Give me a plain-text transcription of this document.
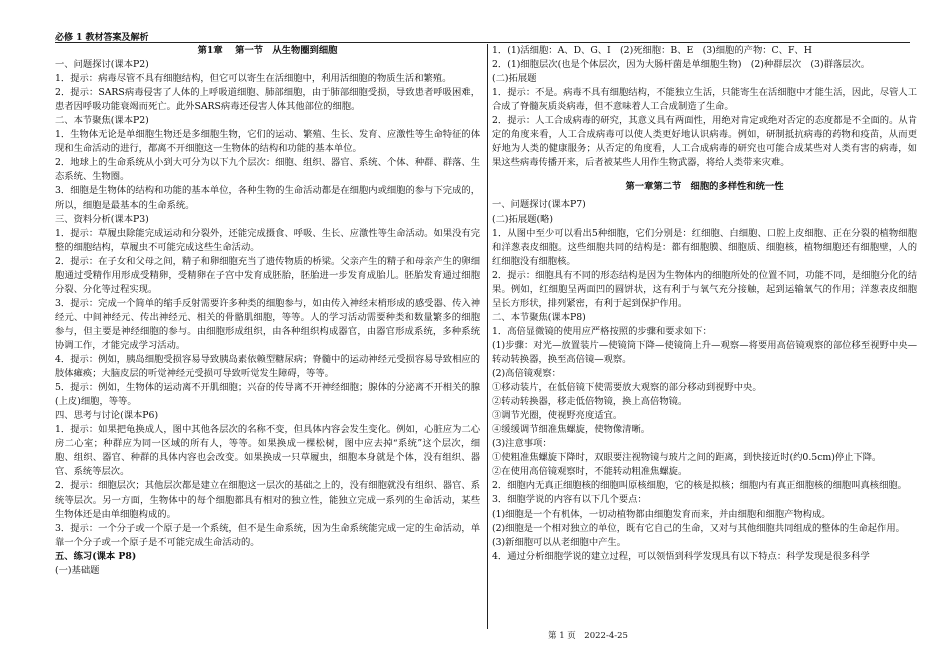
必修 1 教材答案及解析
第1章　 第一节　从生物圈到细胞
一、问题探讨(课本P2)
1．提示：病毒尽管不具有细胞结构，但它可以寄生在活细胞中，利用活细胞的物质生活和繁殖。
2．提示：SARS病毒侵害了人体的上呼吸道细胞、肺部细胞，由于肺部细胞受损，导致患者呼吸困难，患者因呼吸功能衰竭而死亡。此外SARS病毒还侵害人体其他部位的细胞。
二、本节聚焦(课本P2)
1．生物体无论是单细胞生物还是多细胞生物，它们的运动、繁殖、生长、发育、应激性等生命特征的体现和生命活动的进行，都离不开细胞这一生物体的结构和功能的基本单位。
2．地球上的生命系统从小到大可分为以下九个层次：细胞、组织、器官、系统、个体、种群、群落、生态系统、生物圈。
3．细胞是生物体的结构和功能的基本单位，各种生物的生命活动都是在细胞内或细胞的参与下完成的，所以，细胞是最基本的生命系统。
三、资料分析(课本P3)
1．提示：草履虫除能完成运动和分裂外，还能完成摄食、呼吸、生长、应激性等生命活动。如果没有完整的细胞结构，草履虫不可能完成这些生命活动。
2．提示：在子女和父母之间，精子和卵细胞充当了遗传物质的桥梁。父亲产生的精子和母亲产生的卵细胞通过受精作用形成受精卵，受精卵在子宫中发育成胚胎，胚胎进一步发育成胎儿。胚胎发育通过细胞分裂、分化等过程实现。
3．提示：完成一个简单的缩手反射需要许多种类的细胞参与，如由传入神经末梢形成的感受器、传入神经元、中间神经元、传出神经元、相关的骨骼肌细胞，等等。人的学习活动需要种类和数量繁多的细胞参与，但主要是神经细胞的参与。由细胞形成组织，由各种组织构成器官，由器官形成系统，多种系统协调工作，才能完成学习活动。
4．提示：例如，胰岛细胞受损容易导致胰岛素依赖型糖尿病；脊髓中的运动神经元受损容易导致相应的肢体瘫痪；大脑皮层的听觉神经元受损可导致听觉发生障碍，等等。
5．提示：例如，生物体的运动离不开肌细胞；兴奋的传导离不开神经细胞；腺体的分泌离不开相关的腺(上皮)细胞，等等。
四、思考与讨论(课本P6)
1．提示：如果把龟换成人，图中其他各层次的名称不变，但具体内容会发生变化。例如，心脏应为二心房二心室；种群应为同一区域的所有人，等等。如果换成一棵松树，图中应去掉“系统”这个层次，细胞、组织、器官、种群的具体内容也会改变。如果换成一只草履虫，细胞本身就是个体，没有组织、器官、系统等层次。
2．提示：细胞层次；其他层次都是建立在细胞这一层次的基础之上的，没有细胞就没有组织、器官、系统等层次。另一方面，生物体中的每个细胞都具有相对的独立性，能独立完成一系列的生命活动，某些生物体还是由单细胞构成的。
3．提示：一个分子或一个原子是一个系统，但不是生命系统，因为生命系统能完成一定的生命活动，单靠一个分子或一个原子是不可能完成生命活动的。
五、练习(课本 P8)
(一)基础题
1．(1)活细胞：A、D、G、I　(2)死细胞：B、E　(3)细胞的产物：C、F、H
2．(1)细胞层次(也是个体层次，因为大肠杆菌是单细胞生物)　(2)种群层次　(3)群落层次。
(二)拓展题
1．提示：不是。病毒不具有细胞结构，不能独立生活，只能寄生在活细胞中才能生活，因此，尽管人工合成了脊髓灰质炎病毒，但不意味着人工合成制造了生命。
2．提示：人工合成病毒的研究，其意义具有两面性，用绝对肯定或绝对否定的态度都是不全面的。从肯定的角度来看，人工合成病毒可以使人类更好地认识病毒。例如，研制抵抗病毒的药物和疫苗，从而更好地为人类的健康服务；从否定的角度看，人工合成病毒的研究也可能合成某些对人类有害的病毒，如果这些病毒传播开来，后者被某些人用作生物武器，将给人类带来灾难。
第一章第二节　细胞的多样性和统一性
一、问题探讨(课本P7)
(二)拓展题(略)
1．从图中至少可以看出5种细胞，它们分别是：红细胞、白细胞、口腔上皮细胞、正在分裂的植物细胞和洋葱表皮细胞。这些细胞共同的结构是：都有细胞膜、细胞质、细胞核，植物细胞还有细胞壁，人的红细胞没有细胞核。
2．提示：细胞具有不同的形态结构是因为生物体内的细胞所处的位置不同，功能不同，是细胞分化的结果。例如，红细胞呈两面凹的圆饼状，这有利于与氧气充分接触，起到运输氧气的作用；洋葱表皮细胞呈长方形状，排列紧密，有利于起到保护作用。
二、本节聚焦(课本P8)
1．高倍显微镜的使用应严格按照的步骤和要求如下：
(1)步骤：对光—放置装片—使镜筒下降—使镜筒上升—观察—将要用高倍镜观察的部位移至视野中央—转动转换器，换至高倍镜—观察。
(2)高倍镜观察：
①移动装片，在低倍镜下使需要放大观察的部分移动到视野中央。
②转动转换器，移走低倍物镜，换上高倍物镜。
③调节光圈，使视野亮度适宜。
④缓缓调节细准焦螺旋，使物像清晰。
(3)注意事项：
①使粗准焦螺旋下降时，双眼要注视物镜与玻片之间的距离，到快接近时(约0.5cm)停止下降。
②在使用高倍镜观察时，不能转动粗准焦螺旋。
2．细胞内无真正细胞核的细胞叫原核细胞，它的核是拟核；细胞内有真正细胞核的细胞叫真核细胞。
3．细胞学说的内容有以下几个要点：
(1)细胞是一个有机体，一切动植物都由细胞发育而来，并由细胞和细胞产物构成。
(2)细胞是一个相对独立的单位，既有它自己的生命，又对与其他细胞共同组成的整体的生命起作用。
(3)新细胞可以从老细胞中产生。
4．通过分析细胞学说的建立过程，可以领悟到科学发现具有以下特点：科学发现是很多科学
第 1 页　2022-4-25
